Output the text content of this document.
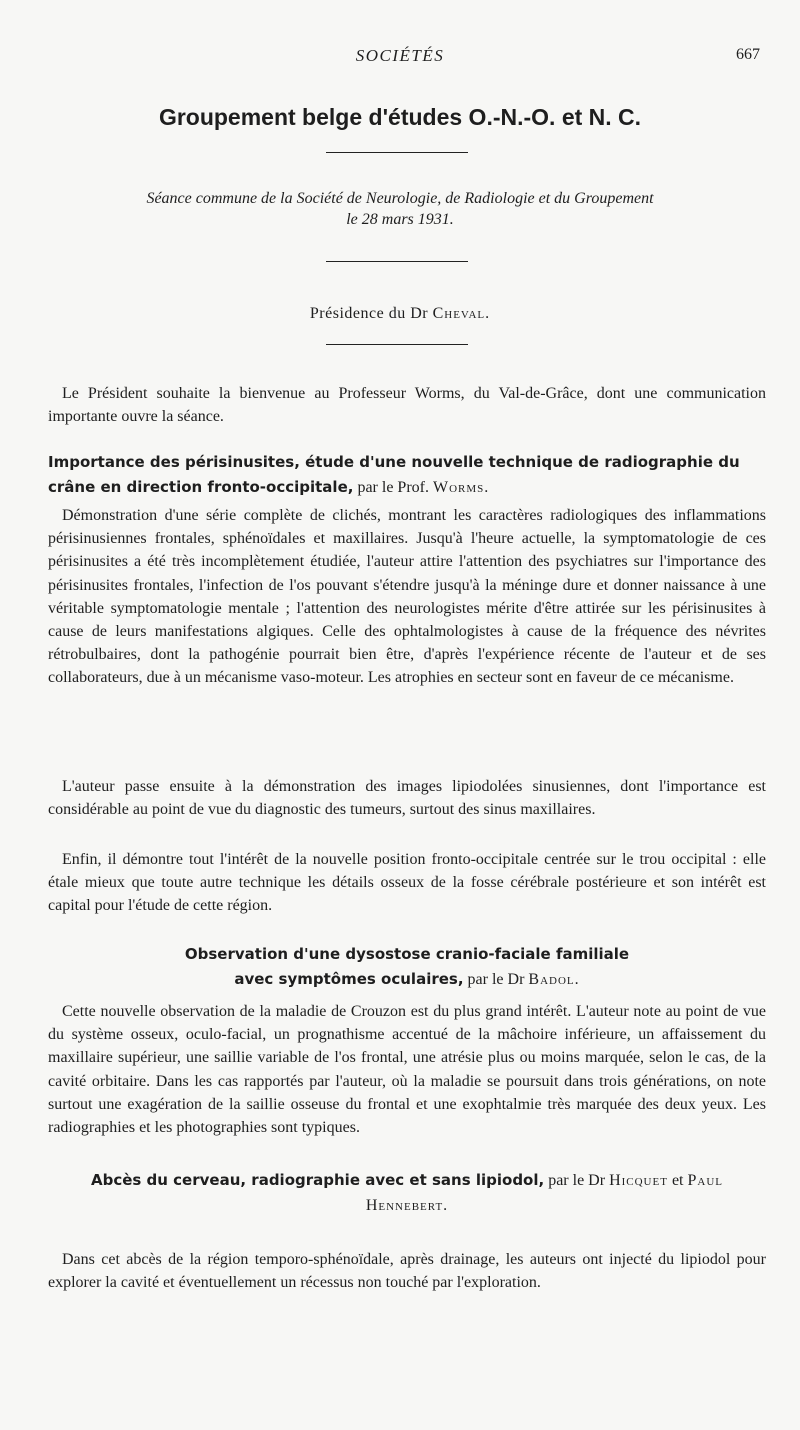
SOCIÉTÉS	667
Groupement belge d'études O.-N.-O. et N. C.
Séance commune de la Société de Neurologie, de Radiologie et du Groupement
le 28 mars 1931.
Présidence du Dr Cheval.
Le Président souhaite la bienvenue au Professeur Worms, du Val-de-Grâce, dont une communication importante ouvre la séance.
Importance des périsinusites, étude d'une nouvelle technique de radiographie du crâne en direction fronto-occipitale, par le Prof. Worms.
Démonstration d'une série complète de clichés, montrant les caractères radiologiques des inflammations périsinusiennes frontales, sphénoïdales et maxillaires. Jusqu'à l'heure actuelle, la symptomatologie de ces périsinusites a été très incomplètement étudiée, l'auteur attire l'attention des psychiatres sur l'importance des périsinusites frontales, l'infection de l'os pouvant s'étendre jusqu'à la méninge dure et donner naissance à une véritable symptomatologie mentale ; l'attention des neurologistes mérite d'être attirée sur les périsinusites à cause de leurs manifestations algiques. Celle des ophtalmologistes à cause de la fréquence des névrites rétrobulbaires, dont la pathogénie pourrait bien être, d'après l'expérience récente de l'auteur et de ses collaborateurs, due à un mécanisme vaso-moteur. Les atrophies en secteur sont en faveur de ce mécanisme.
L'auteur passe ensuite à la démonstration des images lipiodolées sinusiennes, dont l'importance est considérable au point de vue du diagnostic des tumeurs, surtout des sinus maxillaires.
Enfin, il démontre tout l'intérêt de la nouvelle position fronto-occipitale centrée sur le trou occipital : elle étale mieux que toute autre technique les détails osseux de la fosse cérébrale postérieure et son intérêt est capital pour l'étude de cette région.
Observation d'une dysostose cranio-faciale familiale
avec symptômes oculaires, par le Dr Badol.
Cette nouvelle observation de la maladie de Crouzon est du plus grand intérêt. L'auteur note au point de vue du système osseux, oculo-facial, un prognathisme accentué de la mâchoire inférieure, un affaissement du maxillaire supérieur, une saillie variable de l'os frontal, une atrésie plus ou moins marquée, selon le cas, de la cavité orbitaire. Dans les cas rapportés par l'auteur, où la maladie se poursuit dans trois générations, on note surtout une exagération de la saillie osseuse du frontal et une exophtalmie très marquée des deux yeux. Les radiographies et les photographies sont typiques.
Abcès du cerveau, radiographie avec et sans lipiodol, par le Dr Hicquet et Paul Hennebert.
Dans cet abcès de la région temporo-sphénoïdale, après drainage, les auteurs ont injecté du lipiodol pour explorer la cavité et éventuellement un récessus non touché par l'exploration.
